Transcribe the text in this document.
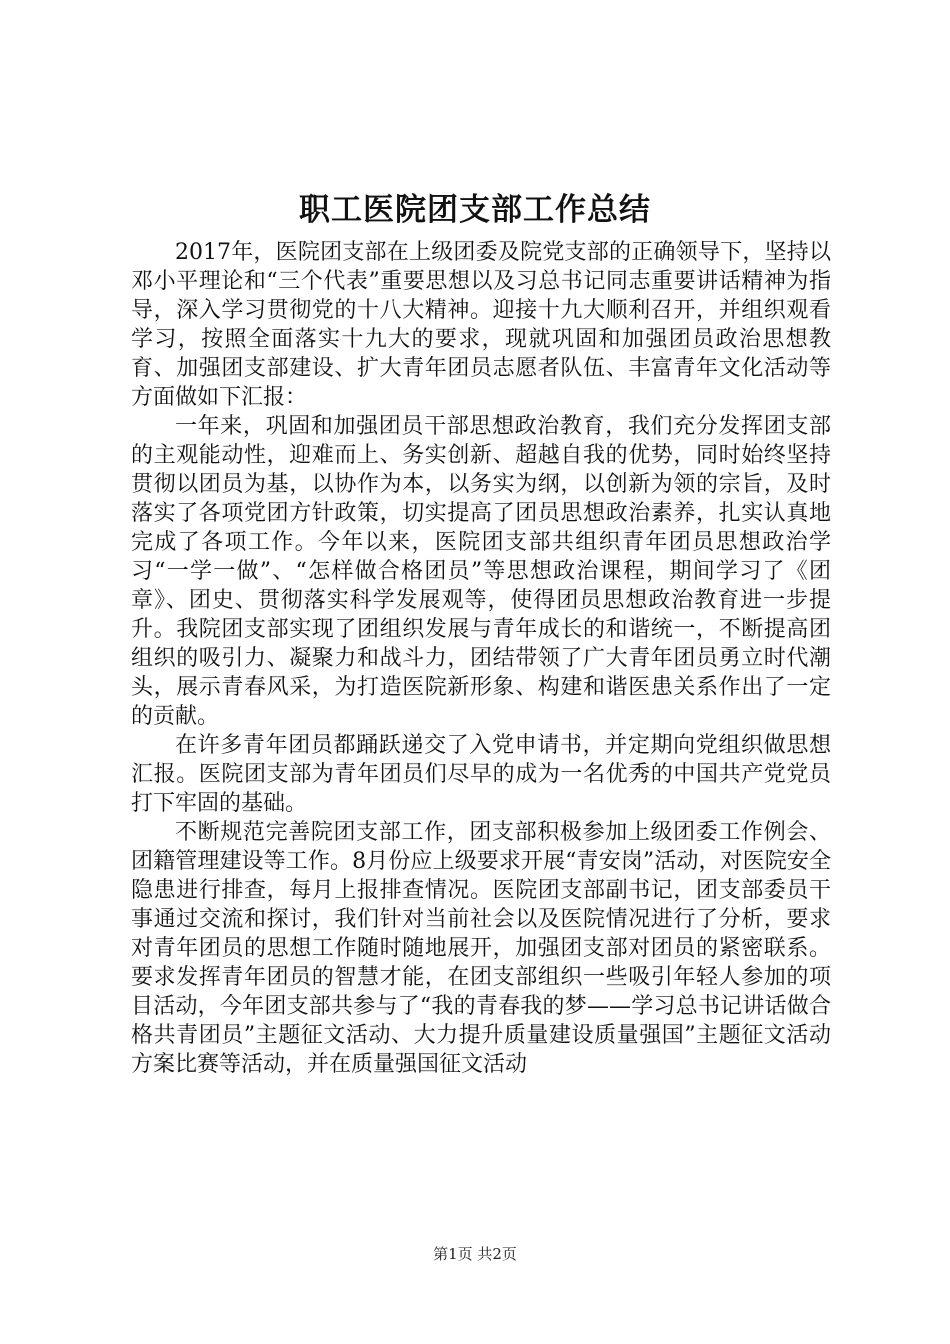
职工医院团支部工作总结

2017年，医院团支部在上级团委及院党支部的正确领导下，坚持以邓小平理论和“三个代表”重要思想以及习总书记同志重要讲话精神为指导，深入学习贯彻党的十八大精神。迎接十九大顺利召开，并组织观看学习，按照全面落实十九大的要求，现就巩固和加强团员政治思想教育、加强团支部建设、扩大青年团员志愿者队伍、丰富青年文化活动等方面做如下汇报：

一年来，巩固和加强团员干部思想政治教育，我们充分发挥团支部的主观能动性，迎难而上、务实创新、超越自我的优势，同时始终坚持贯彻以团员为基，以协作为本，以务实为纲，以创新为领的宗旨，及时落实了各项党团方针政策，切实提高了团员思想政治素养，扎实认真地完成了各项工作。今年以来，医院团支部共组织青年团员思想政治学习“一学一做”、“怎样做合格团员”等思想政治课程，期间学习了《团章》、团史、贯彻落实科学发展观等，使得团员思想政治教育进一步提升。我院团支部实现了团组织发展与青年成长的和谐统一，不断提高团组织的吸引力、凝聚力和战斗力，团结带领了广大青年团员勇立时代潮头，展示青春风采，为打造医院新形象、构建和谐医患关系作出了一定的贡献。

在许多青年团员都踊跃递交了入党申请书，并定期向党组织做思想汇报。医院团支部为青年团员们尽早的成为一名优秀的中国共产党党员打下牢固的基础。

不断规范完善院团支部工作，团支部积极参加上级团委工作例会、团籍管理建设等工作。8月份应上级要求开展“青安岗”活动，对医院安全隐患进行排查，每月上报排查情况。医院团支部副书记，团支部委员干事通过交流和探讨，我们针对当前社会以及医院情况进行了分析，要求对青年团员的思想工作随时随地展开，加强团支部对团员的紧密联系。要求发挥青年团员的智慧才能，在团支部组织一些吸引年轻人参加的项目活动，今年团支部共参与了“我的青春我的梦——学习总书记讲话做合格共青团员”主题征文活动、大力提升质量建设质量强国”主题征文活动方案比赛等活动，并在质量强国征文活动

第1页 共2页
